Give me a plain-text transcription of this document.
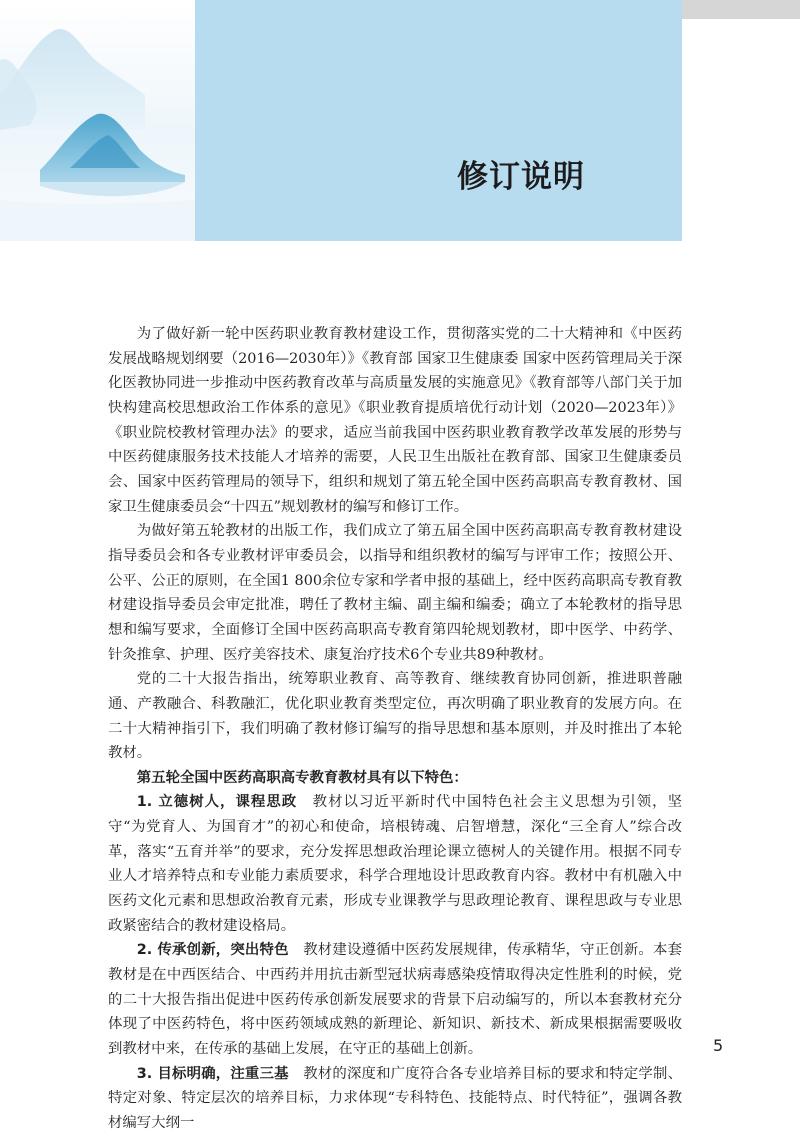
修订说明

为了做好新一轮中医药职业教育教材建设工作，贯彻落实党的二十大精神和《中医药发展战略规划纲要（2016—2030年）》《教育部 国家卫生健康委 国家中医药管理局关于深化医教协同进一步推动中医药教育改革与高质量发展的实施意见》《教育部等八部门关于加快构建高校思想政治工作体系的意见》《职业教育提质培优行动计划（2020—2023年）》《职业院校教材管理办法》的要求，适应当前我国中医药职业教育教学改革发展的形势与中医药健康服务技术技能人才培养的需要，人民卫生出版社在教育部、国家卫生健康委员会、国家中医药管理局的领导下，组织和规划了第五轮全国中医药高职高专教育教材、国家卫生健康委员会“十四五”规划教材的编写和修订工作。

为做好第五轮教材的出版工作，我们成立了第五届全国中医药高职高专教育教材建设指导委员会和各专业教材评审委员会，以指导和组织教材的编写与评审工作；按照公开、公平、公正的原则，在全国1 800余位专家和学者申报的基础上，经中医药高职高专教育教材建设指导委员会审定批准，聘任了教材主编、副主编和编委；确立了本轮教材的指导思想和编写要求，全面修订全国中医药高职高专教育第四轮规划教材，即中医学、中药学、针灸推拿、护理、医疗美容技术、康复治疗技术6个专业共89种教材。

党的二十大报告指出，统筹职业教育、高等教育、继续教育协同创新，推进职普融通、产教融合、科教融汇，优化职业教育类型定位，再次明确了职业教育的发展方向。在二十大精神指引下，我们明确了教材修订编写的指导思想和基本原则，并及时推出了本轮教材。

第五轮全国中医药高职高专教育教材具有以下特色：

1. 立德树人，课程思政　 教材以习近平新时代中国特色社会主义思想为引领，坚守“为党育人、为国育才”的初心和使命，培根铸魂、启智增慧，深化“三全育人”综合改革，落实“五育并举”的要求，充分发挥思想政治理论课立德树人的关键作用。根据不同专业人才培养特点和专业能力素质要求，科学合理地设计思政教育内容。教材中有机融入中医药文化元素和思想政治教育元素，形成专业课教学与思政理论教育、课程思政与专业思政紧密结合的教材建设格局。

2. 传承创新，突出特色　 教材建设遵循中医药发展规律，传承精华，守正创新。本套教材是在中西医结合、中西药并用抗击新型冠状病毒感染疫情取得决定性胜利的时候，党的二十大报告指出促进中医药传承创新发展要求的背景下启动编写的，所以本套教材充分体现了中医药特色，将中医药领域成熟的新理论、新知识、新技术、新成果根据需要吸收到教材中来，在传承的基础上发展，在守正的基础上创新。

3. 目标明确，注重三基　 教材的深度和广度符合各专业培养目标的要求和特定学制、特定对象、特定层次的培养目标，力求体现“专科特色、技能特点、时代特征”，强调各教材编写大纲一

5
